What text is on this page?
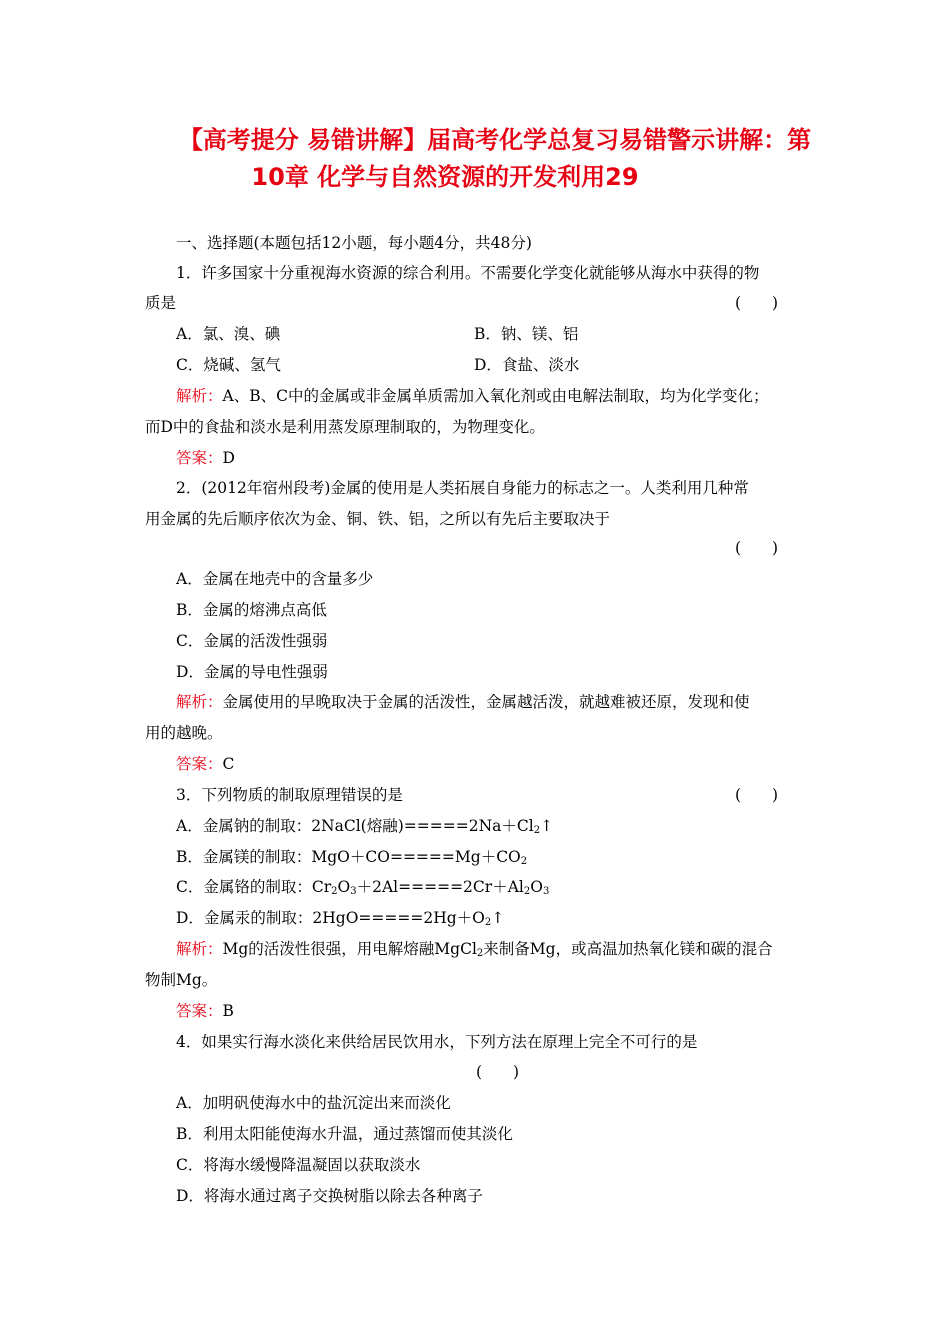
【高考提分 易错讲解】届高考化学总复习易错警示讲解：第
10章 化学与自然资源的开发利用29
一、选择题(本题包括12小题，每小题4分，共48分)
1．许多国家十分重视海水资源的综合利用。不需要化学变化就能够从海水中获得的物
质是	(　　)
A．氯、溴、碘	B．钠、镁、铝
C．烧碱、氢气	D．食盐、淡水
解析：A、B、C中的金属或非金属单质需加入氧化剂或由电解法制取，均为化学变化；
而D中的食盐和淡水是利用蒸发原理制取的，为物理变化。
答案：D
2．(2012年宿州段考)金属的使用是人类拓展自身能力的标志之一。人类利用几种常
用金属的先后顺序依次为金、铜、铁、铝，之所以有先后主要取决于
(　　)
A．金属在地壳中的含量多少
B．金属的熔沸点高低
C．金属的活泼性强弱
D．金属的导电性强弱
解析：金属使用的早晚取决于金属的活泼性，金属越活泼，就越难被还原，发现和使
用的越晚。
答案：C
3．下列物质的制取原理错误的是	(　　)
A．金属钠的制取：2NaCl(熔融)$=====2Na+Cl_2↑$
B．金属镁的制取：$MgO+CO=====Mg+CO_2$
C．金属铬的制取：$Cr_2O_3+2Al=====2Cr+Al_2O_3$
D．金属汞的制取：$2HgO=====2Hg+O_2↑$
解析：Mg的活泼性很强，用电解熔融MgCl$_2$来制备Mg，或高温加热氧化镁和碳的混合
物制Mg。
答案：B
4．如果实行海水淡化来供给居民饮用水，下列方法在原理上完全不可行的是
(　　)
A．加明矾使海水中的盐沉淀出来而淡化
B．利用太阳能使海水升温，通过蒸馏而使其淡化
C．将海水缓慢降温凝固以获取淡水
D．将海水通过离子交换树脂以除去各种离子
